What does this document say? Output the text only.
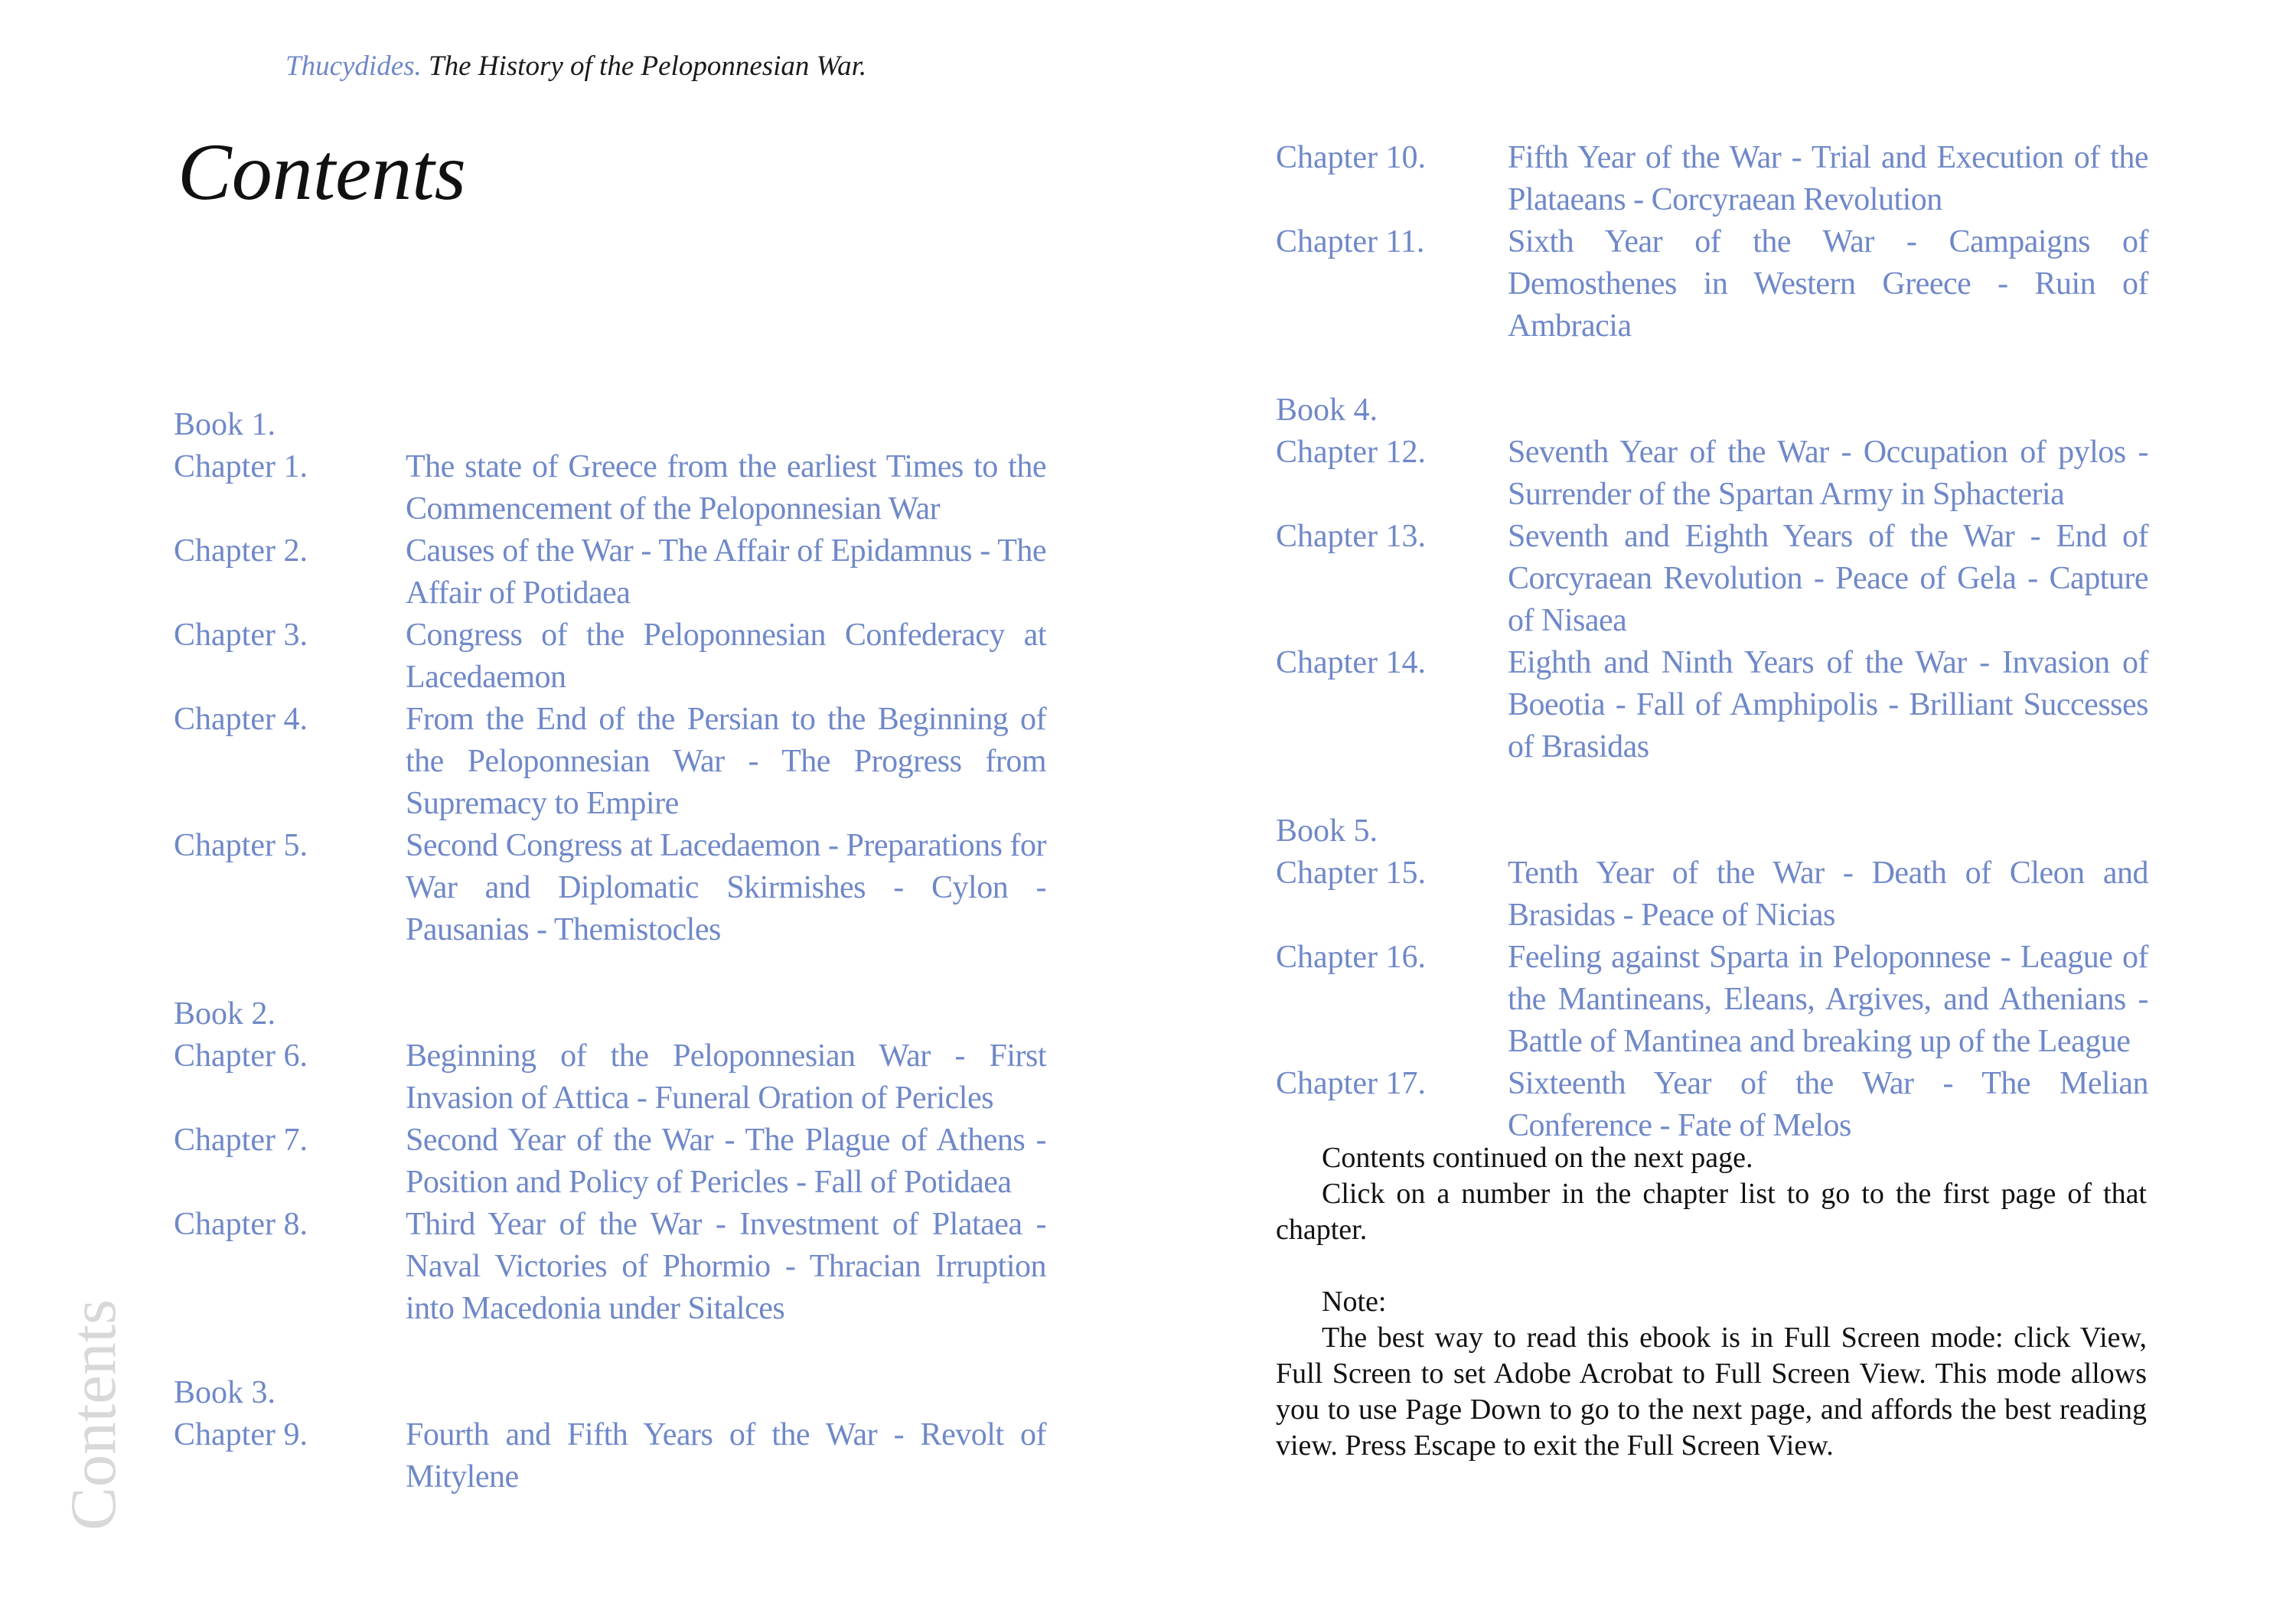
Thucydides. The History of the Peloponnesian War.
Contents
Contents
Book 1.
Chapter 1.	The state of Greece from the earliest Times to the Commencement of the Peloponnesian War
Chapter 2.	Causes of the War - The Affair of Epidamnus - The Affair of Potidaea
Chapter 3.	Congress of the Peloponnesian Confederacy at Lacedaemon
Chapter 4.	From the End of the Persian to the Beginning of the Peloponnesian War - The Progress from Supremacy to Empire
Chapter 5.	Second Congress at Lacedaemon - Preparations for War and Diplomatic Skirmishes - Cylon - Pausanias - Themistocles
Book 2.
Chapter 6.	Beginning of the Peloponnesian War - First Invasion of Attica - Funeral Oration of Pericles
Chapter 7.	Second Year of the War - The Plague of Athens - Position and Policy of Pericles - Fall of Potidaea
Chapter 8.	Third Year of the War - Investment of Plataea - Naval Victories of Phormio - Thracian Irruption into Macedonia under Sitalces
Book 3.
Chapter 9.	Fourth and Fifth Years of the War - Revolt of Mitylene
Chapter 10.	Fifth Year of the War - Trial and Execution of the Plataeans - Corcyraean Revolution
Chapter 11.	Sixth Year of the War - Campaigns of Demosthenes in Western Greece - Ruin of Ambracia
Book 4.
Chapter 12.	Seventh Year of the War - Occupation of pylos - Surrender of the Spartan Army in Sphacteria
Chapter 13.	Seventh and Eighth Years of the War - End of Corcyraean Revolution - Peace of Gela - Capture of Nisaea
Chapter 14.	Eighth and Ninth Years of the War - Invasion of Boeotia - Fall of Amphipolis - Brilliant Successes of Brasidas
Book 5.
Chapter 15.	Tenth Year of the War - Death of Cleon and Brasidas - Peace of Nicias
Chapter 16.	Feeling against Sparta in Peloponnese - League of the Mantineans, Eleans, Argives, and Athenians - Battle of Mantinea and breaking up of the League
Chapter 17.	Sixteenth Year of the War - The Melian Conference - Fate of Melos

Contents continued on the next page.

Click on a number in the chapter list to go to the first page of that chapter.

Note:

The best way to read this ebook is in Full Screen mode: click View, Full Screen to set Adobe Acrobat to Full Screen View. This mode allows you to use Page Down to go to the next page, and affords the best reading view. Press Escape to exit the Full Screen View.
